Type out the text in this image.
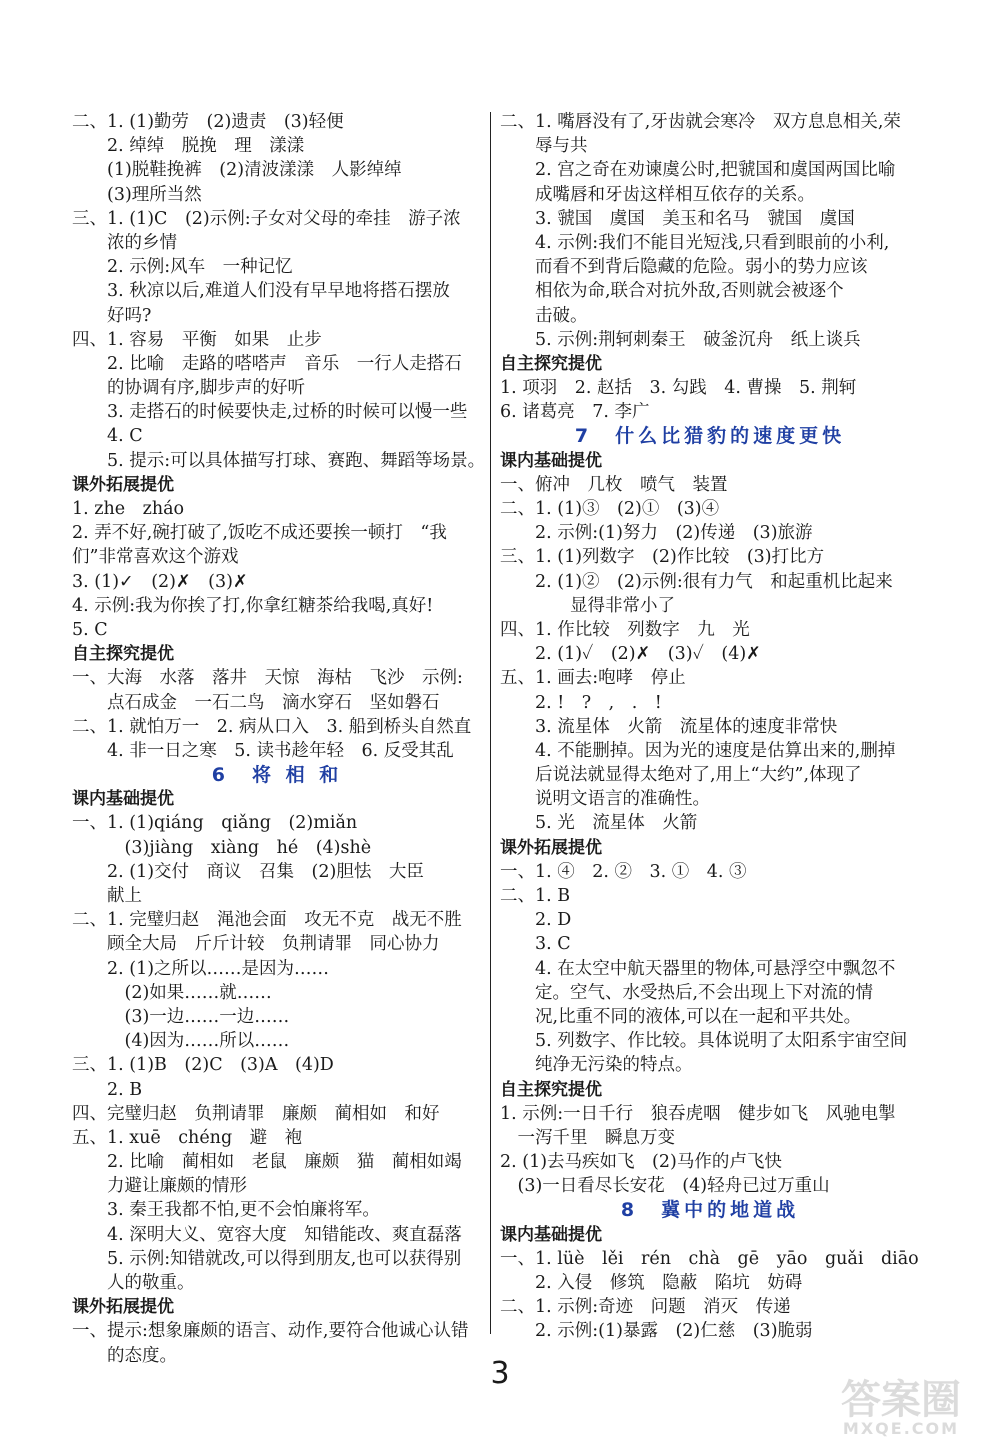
二、1. (1)勤劳　(2)遗责　(3)轻便
　　2. 绰绰　脱挽　理　漾漾
　　(1)脱鞋挽裤　(2)清波漾漾　人影绰绰
　　(3)理所当然
三、1. (1)C　(2)示例:子女对父母的牵挂　游子浓
　　浓的乡情
　　2. 示例:风车　一种记忆
　　3. 秋凉以后,难道人们没有早早地将搭石摆放
　　好吗?
四、1. 容易　平衡　如果　止步
　　2. 比喻　走路的嗒嗒声　音乐　一行人走搭石
　　的协调有序,脚步声的好听
　　3. 走搭石的时候要快走,过桥的时候可以慢一些
　　4. C
　　5. 提示:可以具体描写打球、赛跑、舞蹈等场景。
课外拓展提优
1. zhe　zháo
2. 弄不好,碗打破了,饭吃不成还要挨一顿打　“我
们”非常喜欢这个游戏
3. (1)✓　(2)✗　(3)✗
4. 示例:我为你挨了打,你拿红糖茶给我喝,真好!
5. C
自主探究提优
一、大海　水落　落井　天惊　海枯　飞沙　示例:
　　点石成金　一石二鸟　滴水穿石　坚如磐石
二、1. 就怕万一　2. 病从口入　3. 船到桥头自然直
　　4. 非一日之寒　5. 读书趁年轻　6. 反受其乱
6　将 相 和
课内基础提优
一、1. (1)qiáng　qiǎng　(2)miǎn
　　　(3)jiàng　xiàng　hé　(4)shè
　　2. (1)交付　商议　召集　(2)胆怯　大臣
　　献上
二、1. 完璧归赵　渑池会面　攻无不克　战无不胜
　　顾全大局　斤斤计较　负荆请罪　同心协力
　　2. (1)之所以……是因为……
　　　(2)如果……就……
　　　(3)一边……一边……
　　　(4)因为……所以……
三、1. (1)B　(2)C　(3)A　(4)D
　　2. B
四、完璧归赵　负荆请罪　廉颇　蔺相如　和好
五、1. xuē　chéng　避　袍
　　2. 比喻　蔺相如　老鼠　廉颇　猫　蔺相如竭
　　力避让廉颇的情形
　　3. 秦王我都不怕,更不会怕廉将军。
　　4. 深明大义、宽容大度　知错能改、爽直磊落
　　5. 示例:知错就改,可以得到朋友,也可以获得别
　　人的敬重。
课外拓展提优
一、提示:想象廉颇的语言、动作,要符合他诚心认错
　　的态度。
二、1. 嘴唇没有了,牙齿就会寒冷　双方息息相关,荣
　　辱与共
　　2. 宫之奇在劝谏虞公时,把虢国和虞国两国比喻
　　成嘴唇和牙齿这样相互依存的关系。
　　3. 虢国　虞国　美玉和名马　虢国　虞国
　　4. 示例:我们不能目光短浅,只看到眼前的小利,
　　而看不到背后隐藏的危险。弱小的势力应该
　　相依为命,联合对抗外敌,否则就会被逐个
　　击破。
　　5. 示例:荆轲刺秦王　破釜沉舟　纸上谈兵
自主探究提优
1. 项羽　2. 赵括　3. 勾践　4. 曹操　5. 荆轲
6. 诸葛亮　7. 李广
7　什么比猎豹的速度更快
课内基础提优
一、俯冲　几枚　喷气　装置
二、1. (1)③　(2)①　(3)④
　　2. 示例:(1)努力　(2)传递　(3)旅游
三、1. (1)列数字　(2)作比较　(3)打比方
　　2. (1)②　(2)示例:很有力气　和起重机比起来
　　　　显得非常小了
四、1. 作比较　列数字　九　光
　　2. (1)✓　(2)✗　(3)✓　(4)✗
五、1. 画去:咆哮　停止
　　2. !　?　,　.　!
　　3. 流星体　火箭　流星体的速度非常快
　　4. 不能删掉。因为光的速度是估算出来的,删掉
　　后说法就显得太绝对了,用上“大约”,体现了
　　说明文语言的准确性。
　　5. 光　流星体　火箭
课外拓展提优
一、1. ④　2. ②　3. ①　4. ③
二、1. B
　　2. D
　　3. C
　　4. 在太空中航天器里的物体,可悬浮空中飘忽不
　　定。空气、水受热后,不会出现上下对流的情
　　况,比重不同的液体,可以在一起和平共处。
　　5. 列数字、作比较。具体说明了太阳系宇宙空间
　　纯净无污染的特点。
自主探究提优
1. 示例:一日千行　狼吞虎咽　健步如飞　风驰电掣
　一泻千里　瞬息万变
2. (1)去马疾如飞　(2)马作的卢飞快
　(3)一日看尽长安花　(4)轻舟已过万重山
8　冀中的地道战
课内基础提优
一、1. lüè　lěi　rén　chà　gē　yāo　guǎi　diāo
　　2. 入侵　修筑　隐蔽　陷坑　妨碍
二、1. 示例:奇迹　问题　消灭　传递
　　2. 示例:(1)暴露　(2)仁慈　(3)脆弱
3
答案圈
MXQE.COM
